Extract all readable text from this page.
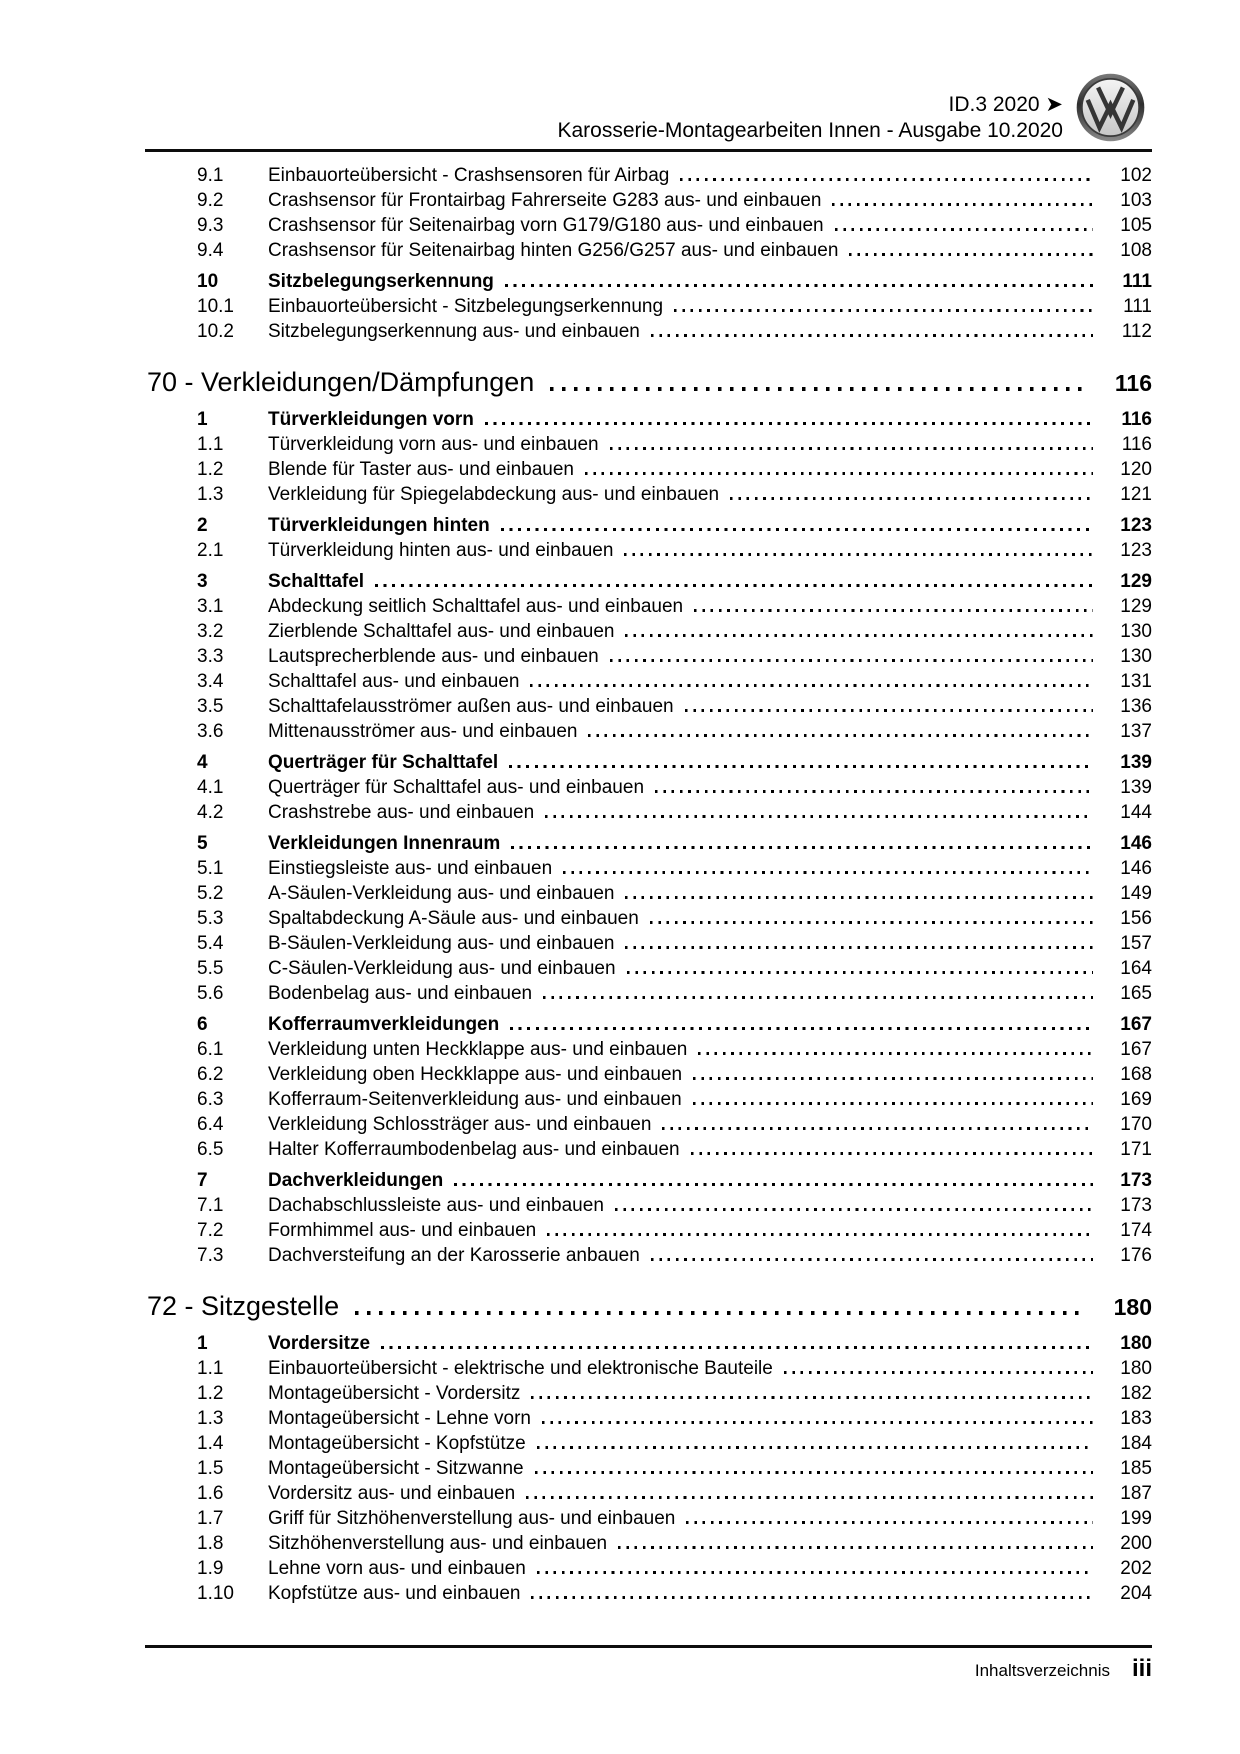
ID.3 2020 ➤
Karosserie-Montagearbeiten Innen - Ausgabe 10.2020
9.1	Einbauorteübersicht - Crashsensoren für Airbag	102
9.2	Crashsensor für Frontairbag Fahrerseite G283 aus- und einbauen	103
9.3	Crashsensor für Seitenairbag vorn G179/G180 aus- und einbauen	105
9.4	Crashsensor für Seitenairbag hinten G256/G257 aus- und einbauen	108
10	Sitzbelegungserkennung	111
10.1	Einbauorteübersicht - Sitzbelegungserkennung	111
10.2	Sitzbelegungserkennung aus- und einbauen	112
70 - Verkleidungen/Dämpfungen	116
1	Türverkleidungen vorn	116
1.1	Türverkleidung vorn aus- und einbauen	116
1.2	Blende für Taster aus- und einbauen	120
1.3	Verkleidung für Spiegelabdeckung aus- und einbauen	121
2	Türverkleidungen hinten	123
2.1	Türverkleidung hinten aus- und einbauen	123
3	Schalttafel	129
3.1	Abdeckung seitlich Schalttafel aus- und einbauen	129
3.2	Zierblende Schalttafel aus- und einbauen	130
3.3	Lautsprecherblende aus- und einbauen	130
3.4	Schalttafel aus- und einbauen	131
3.5	Schalttafelausströmer außen aus- und einbauen	136
3.6	Mittenausströmer aus- und einbauen	137
4	Querträger für Schalttafel	139
4.1	Querträger für Schalttafel aus- und einbauen	139
4.2	Crashstrebe aus- und einbauen	144
5	Verkleidungen Innenraum	146
5.1	Einstiegsleiste aus- und einbauen	146
5.2	A-Säulen-Verkleidung aus- und einbauen	149
5.3	Spaltabdeckung A-Säule aus- und einbauen	156
5.4	B-Säulen-Verkleidung aus- und einbauen	157
5.5	C-Säulen-Verkleidung aus- und einbauen	164
5.6	Bodenbelag aus- und einbauen	165
6	Kofferraumverkleidungen	167
6.1	Verkleidung unten Heckklappe aus- und einbauen	167
6.2	Verkleidung oben Heckklappe aus- und einbauen	168
6.3	Kofferraum-Seitenverkleidung aus- und einbauen	169
6.4	Verkleidung Schlossträger aus- und einbauen	170
6.5	Halter Kofferraumbodenbelag aus- und einbauen	171
7	Dachverkleidungen	173
7.1	Dachabschlussleiste aus- und einbauen	173
7.2	Formhimmel aus- und einbauen	174
7.3	Dachversteifung an der Karosserie anbauen	176
72 - Sitzgestelle	180
1	Vordersitze	180
1.1	Einbauorteübersicht - elektrische und elektronische Bauteile	180
1.2	Montageübersicht - Vordersitz	182
1.3	Montageübersicht - Lehne vorn	183
1.4	Montageübersicht - Kopfstütze	184
1.5	Montageübersicht - Sitzwanne	185
1.6	Vordersitz aus- und einbauen	187
1.7	Griff für Sitzhöhenverstellung aus- und einbauen	199
1.8	Sitzhöhenverstellung aus- und einbauen	200
1.9	Lehne vorn aus- und einbauen	202
1.10	Kopfstütze aus- und einbauen	204
Inhaltsverzeichnis iii
